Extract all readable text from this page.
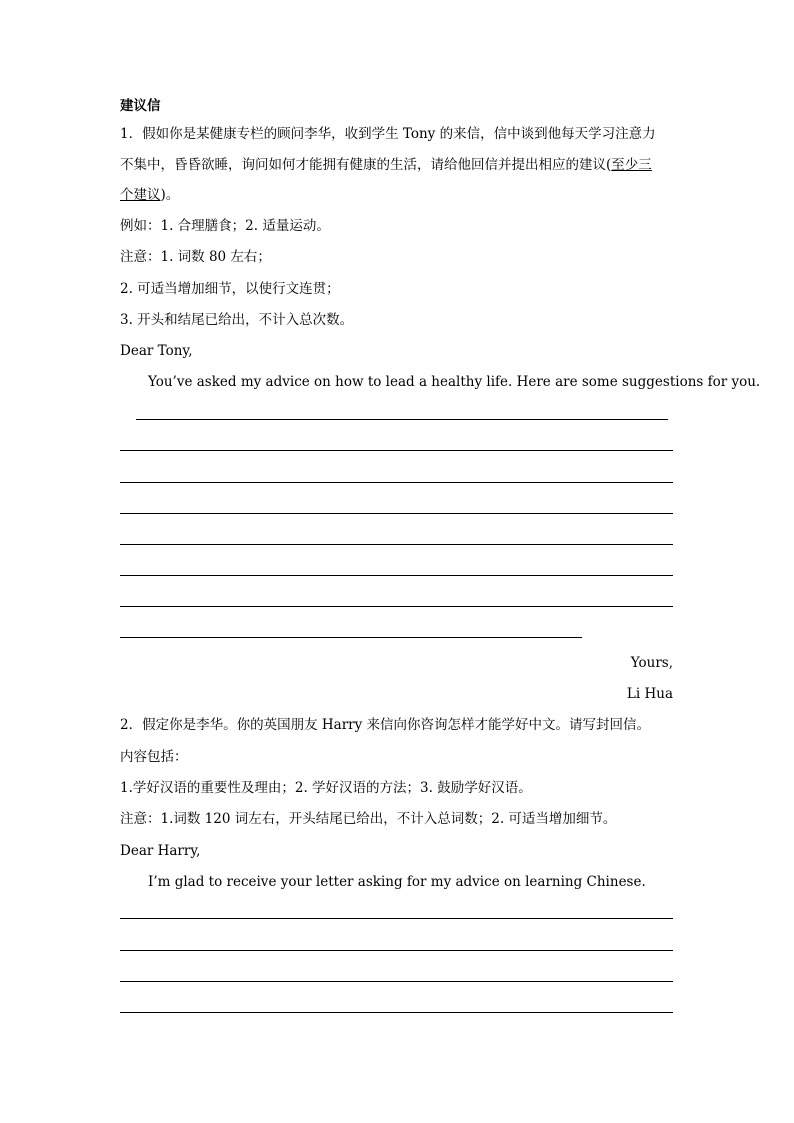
建议信
1．假如你是某健康专栏的顾问李华，收到学生 Tony 的来信，信中谈到他每天学习注意力
不集中，昏昏欲睡，询问如何才能拥有健康的生活，请给他回信并提出相应的建议(至少三
个建议)。
例如：1. 合理膳食；2. 适量运动。
注意：1. 词数 80 左右；
2. 可适当增加细节，以使行文连贯；
3. 开头和结尾已给出，不计入总次数。
Dear Tony,
You’ve asked my advice on how to lead a healthy life. Here are some suggestions for you.
Yours,
Li Hua
2．假定你是李华。你的英国朋友 Harry 来信向你咨询怎样才能学好中文。请写封回信。
内容包括：
1.学好汉语的重要性及理由；2. 学好汉语的方法；3. 鼓励学好汉语。
注意：1.词数 120 词左右，开头结尾已给出，不计入总词数；2. 可适当增加细节。
Dear Harry,
I’m glad to receive your letter asking for my advice on learning Chinese.
